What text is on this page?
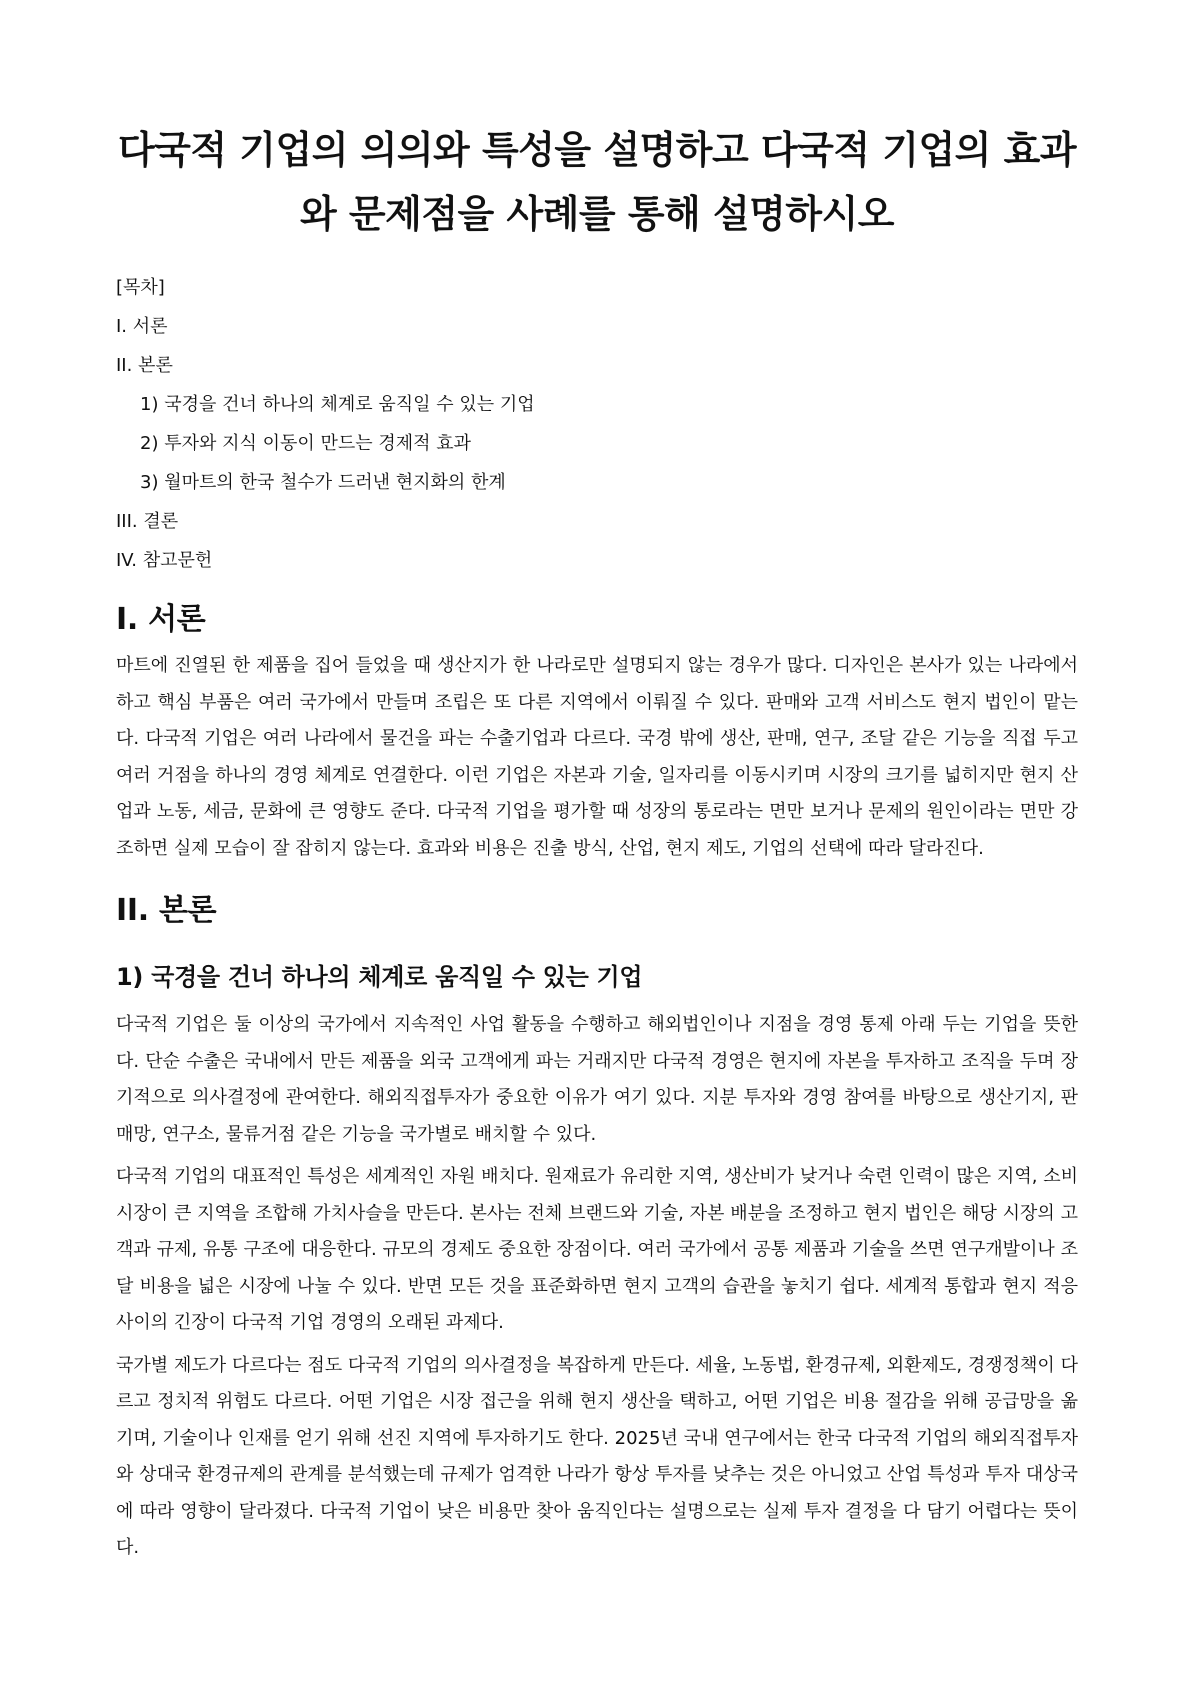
다국적 기업의 의의와 특성을 설명하고 다국적 기업의 효과와 문제점을 사례를 통해 설명하시오
[목차]
I. 서론
II. 본론
1) 국경을 건너 하나의 체계로 움직일 수 있는 기업
2) 투자와 지식 이동이 만드는 경제적 효과
3) 월마트의 한국 철수가 드러낸 현지화의 한계
III. 결론
IV. 참고문헌
I. 서론

마트에 진열된 한 제품을 집어 들었을 때 생산지가 한 나라로만 설명되지 않는 경우가 많다. 디자인은 본사가 있는 나라에서 하고 핵심 부품은 여러 국가에서 만들며 조립은 또 다른 지역에서 이뤄질 수 있다. 판매와 고객 서비스도 현지 법인이 맡는다. 다국적 기업은 여러 나라에서 물건을 파는 수출기업과 다르다. 국경 밖에 생산, 판매, 연구, 조달 같은 기능을 직접 두고 여러 거점을 하나의 경영 체계로 연결한다. 이런 기업은 자본과 기술, 일자리를 이동시키며 시장의 크기를 넓히지만 현지 산업과 노동, 세금, 문화에 큰 영향도 준다. 다국적 기업을 평가할 때 성장의 통로라는 면만 보거나 문제의 원인이라는 면만 강조하면 실제 모습이 잘 잡히지 않는다. 효과와 비용은 진출 방식, 산업, 현지 제도, 기업의 선택에 따라 달라진다.

II. 본론
1) 국경을 건너 하나의 체계로 움직일 수 있는 기업

다국적 기업은 둘 이상의 국가에서 지속적인 사업 활동을 수행하고 해외법인이나 지점을 경영 통제 아래 두는 기업을 뜻한다. 단순 수출은 국내에서 만든 제품을 외국 고객에게 파는 거래지만 다국적 경영은 현지에 자본을 투자하고 조직을 두며 장기적으로 의사결정에 관여한다. 해외직접투자가 중요한 이유가 여기 있다. 지분 투자와 경영 참여를 바탕으로 생산기지, 판매망, 연구소, 물류거점 같은 기능을 국가별로 배치할 수 있다.

다국적 기업의 대표적인 특성은 세계적인 자원 배치다. 원재료가 유리한 지역, 생산비가 낮거나 숙련 인력이 많은 지역, 소비시장이 큰 지역을 조합해 가치사슬을 만든다. 본사는 전체 브랜드와 기술, 자본 배분을 조정하고 현지 법인은 해당 시장의 고객과 규제, 유통 구조에 대응한다. 규모의 경제도 중요한 장점이다. 여러 국가에서 공통 제품과 기술을 쓰면 연구개발이나 조달 비용을 넓은 시장에 나눌 수 있다. 반면 모든 것을 표준화하면 현지 고객의 습관을 놓치기 쉽다. 세계적 통합과 현지 적응 사이의 긴장이 다국적 기업 경영의 오래된 과제다.

국가별 제도가 다르다는 점도 다국적 기업의 의사결정을 복잡하게 만든다. 세율, 노동법, 환경규제, 외환제도, 경쟁정책이 다르고 정치적 위험도 다르다. 어떤 기업은 시장 접근을 위해 현지 생산을 택하고, 어떤 기업은 비용 절감을 위해 공급망을 옮기며, 기술이나 인재를 얻기 위해 선진 지역에 투자하기도 한다. 2025년 국내 연구에서는 한국 다국적 기업의 해외직접투자와 상대국 환경규제의 관계를 분석했는데 규제가 엄격한 나라가 항상 투자를 낮추는 것은 아니었고 산업 특성과 투자 대상국에 따라 영향이 달라졌다. 다국적 기업이 낮은 비용만 찾아 움직인다는 설명으로는 실제 투자 결정을 다 담기 어렵다는 뜻이다.
